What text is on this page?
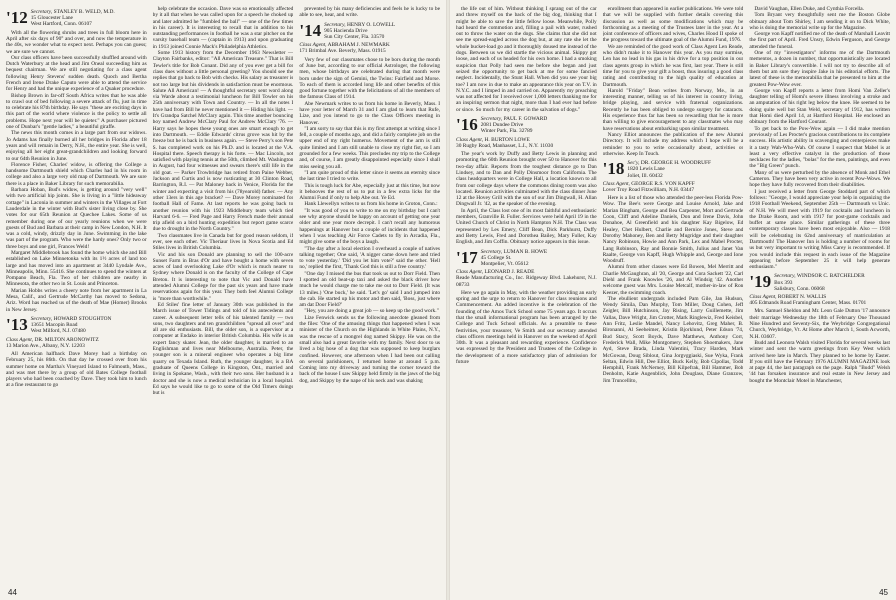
'12 Secretary, STANLEY B. WELD, M.D.
15 Gloucester Lane
West Hartford, Conn. 06107

With all the flowering shrubs and trees in full bloom here in April after six days of 90° and over, and now the temperature in the 40s, we wonder what to expect next. Perhaps you can guess; we are sure we cannot.

Our class officers have been successfully shuffled around with Dutch Waterbury at the head and Jim Oneal succeeding him as bequest chairman. We are still negotiating for a class agent following Henry Stevens' sudden death. Quoch and Bertha French and Irene Drake Caputo were able to attend the service for Henry and had the unique experience of a Quaker procedure.

Bishop Brown in far-off South Africa writes that he was able to crawl out of bed following a severe attack of flu, just in time to celebrate his 87th birthday. He says "these are exciting days in this part of the world where violence is the policy to settle all problems. Hope next year will be quieter." A purchaser pictured one of Dunbar's "gentle ladies," a beautiful giraffe.

The news this month comes in a large part from our widows. Jo Adams has finally burned all her bridges in Florida after 18 years and will remain in Derry, N.H., the entire year. She is well, enjoying all her eight great-grandchildren and looking forward to our 64th Reunion in June.

Florence Fisher, Charles' widow, is offering the College a handsome Dartmouth shield which Charles had in his room in college and also a large very old map of Dartmouth. We are sure there is a place in Baker Library for such memorabilia.

Barbara Hoban, Bud's widow, is getting around "very well" with two artificial hip joints. She is living in a "little hideaway cottage" in Laconia in summer and winters in the Villages at Fort Lauderdale in the winter with Bud's sister living close by. She votes for our 65th Reunion at Quechee Lakes. Some of us remember during one of our yearly reunions when we were guests of Bud and Barbara at their camp in New London, N.H. It was a cold, windy, drizzly day in June. Swimming in the lake was part of the program. Who were the hardy ones? Only two or three boys and one girl, Frances Weld!

Margaret Middlebrook has found the home which she and Bill established on Lake Minnetonka with its 1½ acres of land too large and has moved into an apartment at 3440 Lyndale Ave., Minneapolis, Minn. 55416. She continues to spend the winters at Pompano Beach, Fla. Two of her children are nearby in Minnesota, the other two in St. Louis and Princeton.

Marian Hobbs writes a cheery note from her apartment in La Mesa, Calif., and Gertrude McCarthy has moved to Sedona, Ariz. Word has reached us of the death of Mae (Homer) Brooks in New Jersey.

'13 Secretary, HOWARD STOUGHTON
13651 Macopin Road
West Milford, N.J. 07480
Class Agent, DR. MILTON ARONOWITZ
13 Marion Ave., Albany, N.Y. 12203

All American halfback Dave Morey had a birthday on February 25, his 86th. On that day he crossed over from his summer home on Martha's Vineyard Island to Falmouth, Mass., and was met there by a group of old Bates College football players who had been coached by Dave. They took him to lunch at a fine restaurant to go

help celebrate the occasion. Dave was so emotionally affected by it all that when he was called upon for a speech he choked up and later admitted he "fumbled the ball" — one of the few times in his career). It is interesting to recall that in addition to his outstanding performances in football he was a star pitcher on the varsity baseball team — (captain in 1913) and upon graduating in 1913 joined Connie Mack's Philadelphia Athletics.

Some 1913 history from the December 1963 Newsletter — Clayton Fairbanks, editor: "All American Treasure." That is Bill Tewler's title for Bob Conant. Did any of you ever get a bill for class dues without a little personal greeting? You should see the replies that go back to Bob with checks. His salary as treasurer is not too large but his dividends in satisfaction must be enormous. Salute All American! — A thoughtful secretary sent word along via Warde about a testimonial luncheon for Bill Towler on his 25th anniversary with Town and Country. — In all the notes I have had from Bill he never mentioned it — Hiding his light. — It's Grandpa Satchel McClary again. This time another bouncing boy named Andrew McClary Paul for Andrew McClary '76. — Harry says he hopes these young ones are smart enough to get into Dartmouth. — Eddie Edwards' citrus grove was hit by the freeze but he is back in business again. — Steve Perry's son Pete S. has completed work on his Ph.D. and is located at the V.A. Hospital there. Speech therapy is his forte. — Mac Lincoln, not satisfied with playing tennis at the 50th, climbed Mt. Washington in August, had four witnesses and swears there's still life in the old goat. — Parker Trowbridge has retired from Paine Webber, Jackson and Curtis and is now rusticating at 30 Clinton Road, Barrington, R.I. — Pat Maloney back in Venice, Florida for the winter and expecting a visit from his (78yearold) father. — Any other 13ers in this age bracket? — Dave Morey nominated for football Hall of Fame. At last reports he was going back to another reunion with his 1923 Middlebury team which tied Harvard 6-6. — Fred Page and Harry French made their annual trip afield on a bird hunting expedition but report game scarce due to drought in the North Country."

Two classmates live in Canada but for good reason seldom, if ever, see each other. Vic Theriaur lives in Nova Scotia and Ed Stiles lives in British Columbia.

Vic and his son Donald are planning to sell the 100-acre Sunset Farm in Bras d'Or and have bought a home with seven acres of land overlooking Lake d'Or which is much nearer to Sydney where Donald is on the faculty of the College of Cape Breton. It is interesting to note that Vic and Donald have attended Alumni College for the past six years and have made reservations again for this year. They both feel Alumni College is "more than worthwhile."

Ed Stiles' fine letter of January 30th was published in the March issue of Tower Tidings and told of his antecedents and career. A subsequent letter tells of his talented family — two sons, two daughters and ten grandchildren "spread all over" and all are ski enthusiasts. Bill, the older son, is a supervisor at a computer at Endako in interior British Columbia. His wife is an expert fancy skater. Jean, the older daughter, is married to an Englishman and lives near Melbourne, Australia. Peter, the younger son is a mineral engineer who operates a big lime quarry on Texada Island. Ruth, the younger daughter, is a BA graduate of Queens College in Kingston, Ont., married and living in Spokane, Wash., with their two sons. Her husband is a doctor and she is now a medical technician in a local hospital. Ed says he would like to go to some of the Old Timers doings but is

prevented by his many deficiencies and feels he is lucky to be able to see, hear, and write.

'14 Secretary, HENRY O. LOWELL
905 Hacienda Drive
Sun City Center, Fla. 33570
Class Agent, ABRAHAM J. NEWMARK
171 Brimbal Ave. Beverly, Mass. 01915

Very few of our classmates chose to be bors during the month of June but, according to our official Astrologer, the following men, whose birthdays are celebrated during that month were born under the sign of Gemini, the Twins: Fairfield and Morse. To each of them is accorded long life and other benefits of this good fortune together with the felicitations of all the members of the famous Class of 1914.

Abe Newmark writes to us from his home in Beverly, Mass. I have your letter of March 31 and I am glad to learn that Rufe, Lize, and you intend to go to the Class Officers meeting in Hanover.

"I am sorry to say that this is my first attempt at writing since I fell, a couple of months ago, and did a fairly complete job on the upper end of my right humerus. Movement of the arm is still quite limited and I am still unable to close my right fist, so I am grounded for a few weeks. This precludes my trip to the College and, of course, I am greatly disappointed especially since I shall miss seeing you all.

"I am quite proud of this letter since it seems an eternity since the last time I tried to write.

This is tough luck for Abe, especially just at this time, but now it behooves the rest of us to put in a few extra licks for the Alumni Fund if only to help Abe out. Ye Ed.

Hank Llewellyn writes to us from his home in Groton, Conn.:

"It was good of you to write to me on my birthday but I can't see why anyone should be happy on account of getting one year older and one year more decrepit. I can't recall any humorous happenings at Hanover but a couple of incidents that happened when I was teaching Air Force Cadets to fly in Arcadia, Fla., might give some of the boys a laugh.

"The day after a local election I overheard a couple of natives talking together; One said, 'A nigger came down here and tried to vote yesterday.' 'Did you let him vote?' said the other. 'Hell no,' replied the first, 'Thank God this is still a free country.'

"One day I missed the bus that took us out to Dorr Field. Then I spotted an old beat-up taxi and asked the black driver how much he would charge me to take me out to Dorr Field. (It was 13 miles.) 'One buck,' he said. 'Let's go' said I and jumped into the cab. He started up his motor and then said, 'Boss, just where am dat Door Field?'

"Hey, you are doing a great job — so keep up the good work."

Lize Fenwick sends us the following anecdote gleaned from the files: 'One of the amusing things that happened when I was minister of the Church on the Highlands in White Plains, N.Y., was the rescue of a mongrel dog named Skippy. He was on the small also had a great favorite with my family. Next door to us lived a big hose of a dog that was supposed to keep burglars confined. However, one afternoon when I had been out calling on several parishioners, I returned home at around 5 p.m. Coming into my driveway and turning the corner toward the back of the house I saw Skippy held firmly in the jaws of the big dog, and Skippy by the nape of his neck and was shaking

44

the life out of him. Without thinking I sprang out of the car and threw myself on the back of the big dog, thinking that I might be able to save the little fellow loose. Meanwhile, Polly had heard the commotion and, filling a pail with water, rushed out to throw the water on the dogs. She claims that she did not see me spread-eagled across the dog but, at any rate she let the whole bucket-load go and it thoroughly doused me instead of the dogs. Between us we did startle the vicious animal. Skippy got loose, and each of us headed for his own home. I had a smoking suspicion that Polly had seen me before she began and just seized the opportunity to get back at me for some fancied neglect. Incidentally, the Stunt Hall. When did you see your big toe? I am now in due to make an appearance this year on T.V. in N.Y.C. and I limped in and carried on. Apparently my preaching was not affected for I received over 1,000 letters thanking me for an inspiring sermon that night, more than I had ever had before or since. So much for my career in the salvation of dogs."

'16 Secretary, PAUL F. GOWARD
2081 Dundee Drive
Winter Park, Fla. 32789
Class Agent, H. BURTON LOWE
30 Rugby Road, Manhasset, L.I., N.Y. 11030

The year's work by Duffy and Betty Lewis in planning and promoting the 60th Reunion brought over 50 to Hanover for this two-day affair. Reports from the toughest distance go to Dan Lindsey, and to Dan and Polly Dinsmoor from California. The class headquarters were in College Hall, a location known to all from our college days where the commons dining room was also located. Reunion activities culminated with the class dinner June 12 at the Hovey Grill with the son of our Jim Dingwall, H. Allan Dingwall Jr. '42, as the speaker of the evening.

In April, the Class lost one of its most faithful and enthusiastic members, Granville B. Fuller. Services were held April 19 in the United Church of Christ in North Hampton N.H. The Class was represented by Les Emery, Cliff Bean, Dick Parkhurst, Duffy and Betty Lewis, Fred and Dorothea Bailey, Mary Fuller, Kay English, and Jim Coffin. Obituary notice appears in this issue.

'17 Secretary, LUMAN B. HOWE
45 College St.
Montpelier, Vt. 05612
Class Agent, LEONARD J. READE
Reade Manufacturing Co., Inc. Ridgeway Blvd. Lakehurst, N.J. 08733

Here we go again in May, with the weather providing an early spring and the urge to return to Hanover for class reunions and Commencement. An added incentive is the celebration of the founding of the Amos Tuck School some 75 years ago. It occurs that the small informational program has been arranged by the College and Tuck School officials. As a preamble to these festivities, your treasurer, Ve Smith and our secretary attended class officers meetings held in Hanover on the weekend of April 30th. It was a pleasant and rewarding experience. Confidence was expressed by the President and Trustees of the College in the development of a more satisfactory plan of admission for future

enrollment than appeared in earlier publications. We were told that we will be supplied with further details covering this discussion as well as some modifications which may be forthcoming as a meeting of the Trustees later in the year. At a joint conference of officers and wives, Charles Hood II spoke of the progress toward the ultimate goal of the Alumni Fund, 1976.

We are reminded of the good work of Class Agent Len Reade, who didn't make it to Hanover this year. As you may surmise, Len has no lead in his gas in his drive for a top position in our class agents group in which he was first, last year. There is still time for you to give your gift a boost, thus insuring a good class rating and contributing to the high quality of education at Dartmouth.

Harold "Friday" Bean writes from Norway, Me., in an interesting manner, telling us of his interest in country living, bridge playing, and service with fraternal organizations. Recently he has been obliged to undergo surgery for cataracts. His experience thus far has been so rewarding that he is more than willing to give encouragement to any classmates who may have reservations about embarking upon similar treatment.

Nancy Elliot announces the publication of the new Alumni Directory. It will include my address which I hope will be a reminder to you to write occasionally about, activities or otherwise. Keep In Touch.

'18 Sec'y, DR. GEORGE H. WOODRUFF
1820 Lewis Lane
Joliet, Ill. 60432
Class Agent, GEORGE R.S. VON KAPFF
Lover Troy Road Fitzwilliam, N.H. 03447

Here is a list of those who attended the peer-less Florida Pow-Wow. The Bee's were George and Louise Arnold, Jake and Marian Bingham, George and Bea Carpenter, Mort and Gertrude Coon, Cliff and Adeline Daniels, Don and Irene Davis, John Donahoe, Al Greenfield and his daughter Kay Bigelow, Ed Healey, Chet Hulbert, Charlie and Bernice Jones, Steve and Dorothy Mahoney, Ben and Betty Mugridge and their daughter Nancy Robinson, Howie and Ann Park, Lex and Mabel Procter, Lang Robinson, Ray and Bonnie Smith, Julius and Janet Van Raalte, George von Kapff, Hugh Whipple and, George and Ione Woodruff.

Alumni from other classes were Ed Bowen, Mel Merritt and Charlie McGaughran, all '20, George and Cora Sackett '22, Carl Diehl and Frank Knowles '26, and Al Windsig '42. Another welcome guest was Mrs. Louise Metcalf, mother-in-law of Ron Keezer, the swimming coach.

The ebullient undergrads included Pam Gile, Jan Hudson, Wendy Simila, Dan Murphy, Tom Miller, Doug Cohen, Jeff Zeigler, Bill Hutchinson, Jay Rising, Larry Guillemette, Jim Vallas, Dave Wright, Jim Crotter, Mark Ringlewiz, Fred Keisbel, Ann Fritz, Leslie Mandel, Nancy Lehovitz, Greg Maher, B. Bironanni, Al Seeheimer, Kristin Bjorklund, Peter Edson '74, Bud Stacy, Scott Boyds, Dave Matthews, Anthony Corr, Frederick Wall, Mike Montgomery, Stephen Shoemakers, Jane Ayd, Steve Brada, Linda Valentini, Tracy Harden, Mark McGowan, Doug Siblout, Gina Jorgvggiaski, Sue Wyka, Frank Seltan, Edwin Hill, Dee Elliot, Buck Kelly, Bob Cipollas, Todd Hemphill, Frank McNerney, Bill Kilpefrak, Bill Hammer, Bob Denholm, Katie Augenblick, John Douglass, Diane Granzow, Jim Truncellito,

David Vaughan, Ellen Duke, and Cynthia Forcella.

Tom Bryant very thoughtfully sent me the Boston Globe obituary about Tom Shirley, I am sending it on to Dick White, who is doing the memorial write up for the Magazine.

George von Kapff notified me of the death of Marshall Leavitt the first part of April. Fred Unsry, Edwin Ferguson, and George attended the funeral.

One of my "investigators" informs me of the Dartmouth mementos, a dozen in number, that opportunistically are located in Baker Library's convertible. I will not try to describe all of them but am sure they inspire Jake in his editorial efforts. The latest of these is the memorabilia that he presented to him at the greatest Pow-Wow ever.

George von Kapff reports a letter from Homi Van Zeller's daughter telling of Homi's severe illness involving a stroke and an amputation of his right leg below the knee. He seemed to be doing quite well but Stan Weld, secretary of 1912, has written that Homi died April 14, at Hartford Hospital. He enclosed an obituary from the Hartford Courant.

To get back to the Pow-Wow again — I did make mention previously of Les Procter's gracious contributions to its complete success. His artistic ability in scavenging and centerpieces make it a tasty Wah-Who-Wah. Of course I suspect that Mabel is at least a very effective catalyst in the production of those necklaces for the ladies, "bolas" for the men, paintings, and even the "Big Green" punch.

Many of us were perturbed by the absence of Monk and Ethel Cameron. They have been very active in recent Pow-Wows. We hope they have fully recovered from their disabilities.

I just received a letter from George Stoddard part of which follows: "George, I would appreciate your help in organizing the 1918 Football Weekend, September 25th — Dartmouth vs Unic. of N.H. We will meet with 1919 for cocktails and luncheon in the Drake Room, and with 1917 for post-game cocktails and buffet at same place. Similar gatherings of these three contemporary classes have been most enjoyable. Also — 1918 will be celebrating its 62nd anniversary of matriculation at Dartmouth! The Hanover Inn is holding a number of rooms for us but very important to writing Miss Carey is recommended. If you would include this request in each issue of the Magazine appearing before September 25 it will help generate enthusiasm."

'19 Secretary, WINDSOR C. BATCHELDER
Box 393
Salisbury, Conn. 06068
Class Agent, ROBERT N. WALLIS
405 Edmands Road Framingham Center, Mass. 01701

Mrs. Samuel Sheldon and Mr. Leon Gale Dutton '17 announce their marriage Wednesday the 18th of February One Thousand Nine Hundred and Seventy-Six, the Weybridge Congregational Church, Weybridge, Vt. At Home after March 1, South Acworth, N.H. 03607.

Budd and Leonora Walsh visited Florida for several weeks last winter and sent the warm greetings from Key West which arrived here late in March. They planned to be home by Easter. If you still have the February 1976 ALUMNI MAGAZINE look at page 44, the last paragraph on the page. Ralph "Budd" Welsh '44 has forsaken insurance and real estate in New Jersey and bought the Montclair Motel in Manchester,

45
